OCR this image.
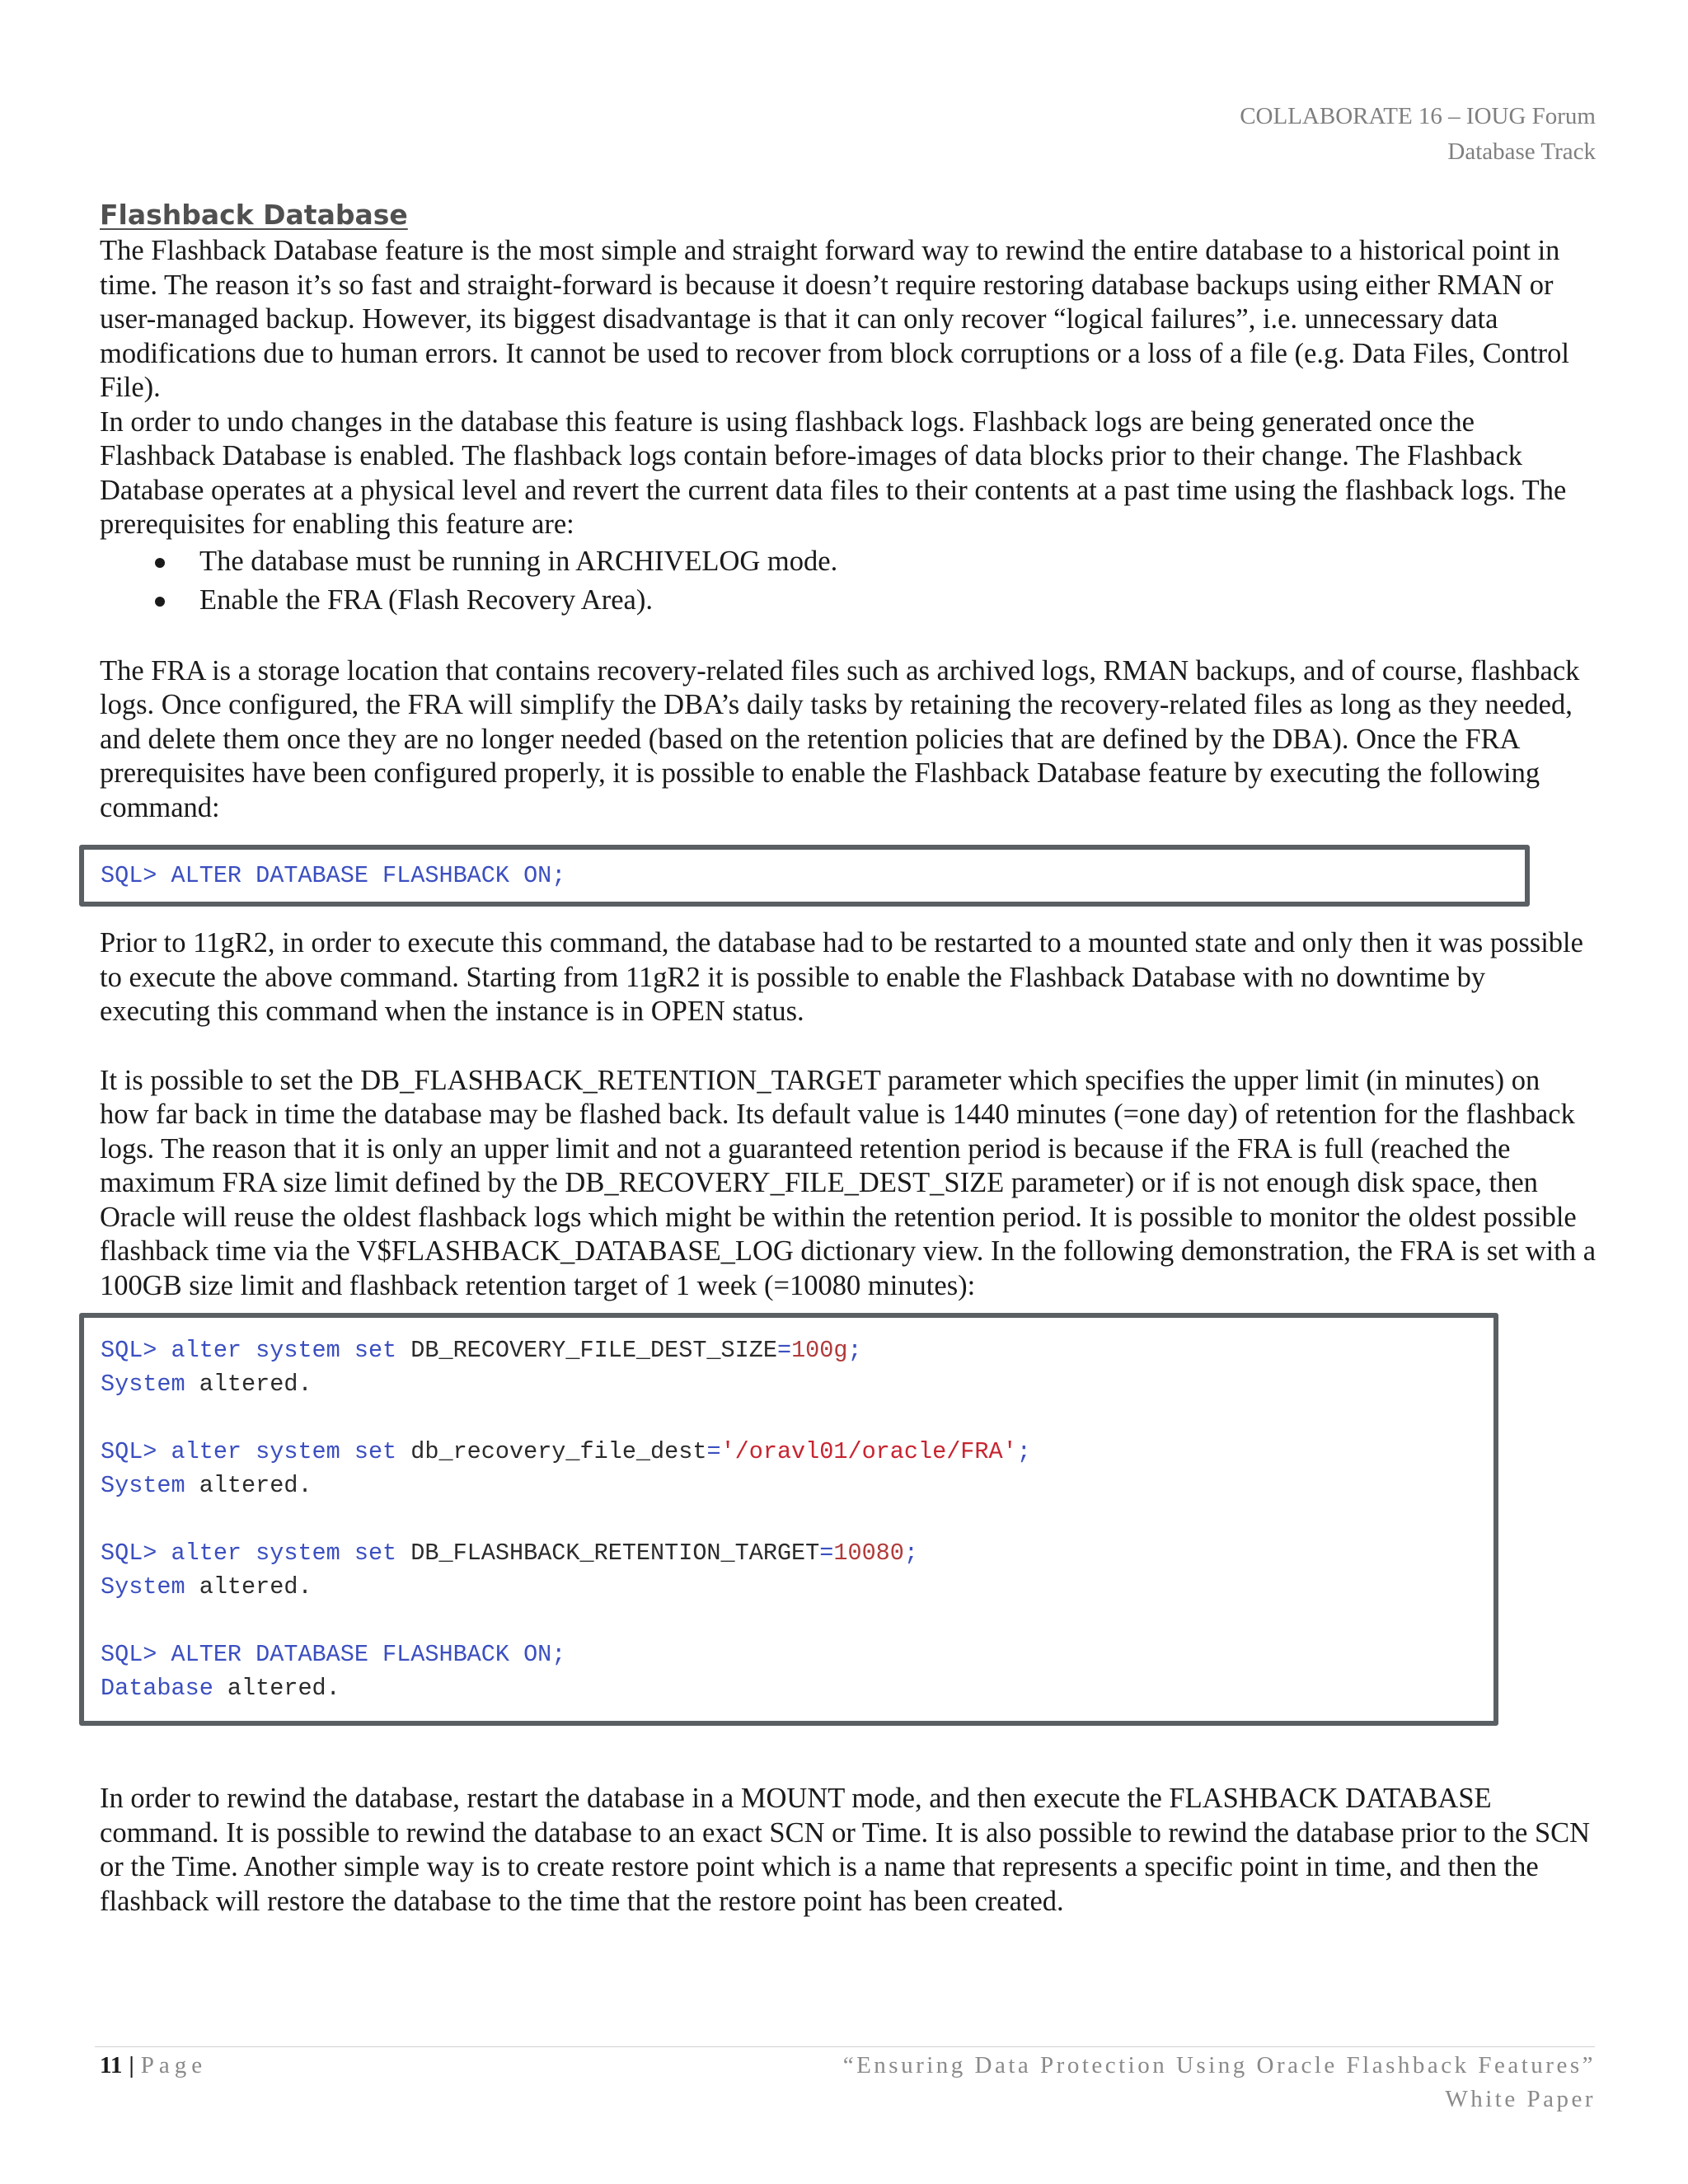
COLLABORATE 16 – IOUG Forum
Database Track
Flashback Database

The Flashback Database feature is the most simple and straight forward way to rewind the entire database to a historical point in time. The reason it’s so fast and straight-forward is because it doesn’t require restoring database backups using either RMAN or user-managed backup. However, its biggest disadvantage is that it can only recover “logical failures”, i.e. unnecessary data modifications due to human errors. It cannot be used to recover from block corruptions or a loss of a file (e.g. Data Files, Control File).

In order to undo changes in the database this feature is using flashback logs. Flashback logs are being generated once the Flashback Database is enabled. The flashback logs contain before-images of data blocks prior to their change. The Flashback Database operates at a physical level and revert the current data files to their contents at a past time using the flashback logs. The prerequisites for enabling this feature are:

The database must be running in ARCHIVELOG mode.
Enable the FRA (Flash Recovery Area).

The FRA is a storage location that contains recovery-related files such as archived logs, RMAN backups, and of course, flashback logs. Once configured, the FRA will simplify the DBA’s daily tasks by retaining the recovery-related files as long as they needed, and delete them once they are no longer needed (based on the retention policies that are defined by the DBA). Once the FRA prerequisites have been configured properly, it is possible to enable the Flashback Database feature by executing the following command:

SQL> ALTER DATABASE FLASHBACK ON;

Prior to 11gR2, in order to execute this command, the database had to be restarted to a mounted state and only then it was possible to execute the above command. Starting from 11gR2 it is possible to enable the Flashback Database with no downtime by executing this command when the instance is in OPEN status.

It is possible to set the DB_FLASHBACK_RETENTION_TARGET parameter which specifies the upper limit (in minutes) on how far back in time the database may be flashed back. Its default value is 1440 minutes (=one day) of retention for the flashback logs. The reason that it is only an upper limit and not a guaranteed retention period is because if the FRA is full (reached the maximum FRA size limit defined by the DB_RECOVERY_FILE_DEST_SIZE parameter) or if is not enough disk space, then Oracle will reuse the oldest flashback logs which might be within the retention period. It is possible to monitor the oldest possible flashback time via the V$FLASHBACK_DATABASE_LOG dictionary view. In the following demonstration, the FRA is set with a 100GB size limit and flashback retention target of 1 week (=10080 minutes):

SQL> alter system set DB_RECOVERY_FILE_DEST_SIZE=100g;
System altered.
SQL> alter system set db_recovery_file_dest='/oravl01/oracle/FRA';
System altered.
SQL> alter system set DB_FLASHBACK_RETENTION_TARGET=10080;
System altered.
SQL> ALTER DATABASE FLASHBACK ON;
Database altered.

In order to rewind the database, restart the database in a MOUNT mode, and then execute the FLASHBACK DATABASE command. It is possible to rewind the database to an exact SCN or Time. It is also possible to rewind the database prior to the SCN or the Time. Another simple way is to create restore point which is a name that represents a specific point in time, and then the flashback will restore the database to the time that the restore point has been created.

11 | Page	“Ensuring Data Protection Using Oracle Flashback Features”
White Paper
